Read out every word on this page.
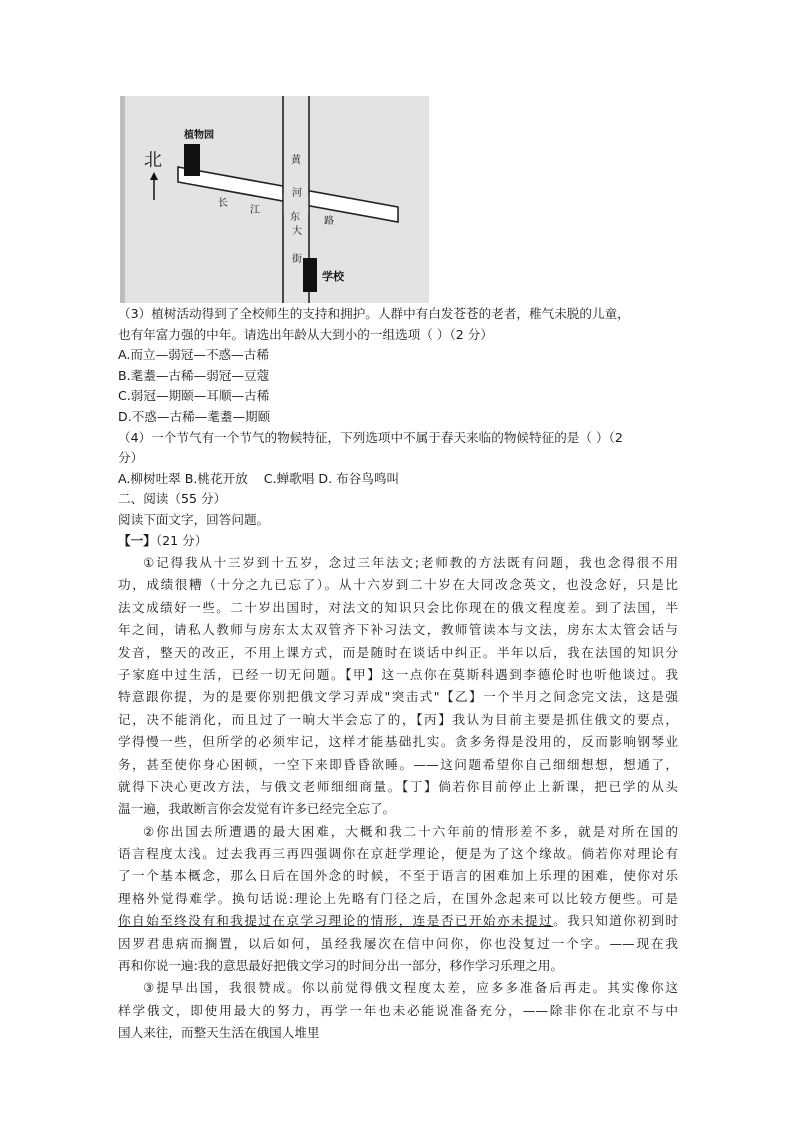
北
植物园
学校
长
江
东 路
黄
河
大
街
（3）植树活动得到了全校师生的支持和拥护。人群中有白发苍苍的老者，稚气未脱的儿童，
也有年富力强的中年。请选出年龄从大到小的一组选项（ ）（2 分）
A.而立—弱冠—不惑—古稀
B.耄耋—古稀—弱冠—豆蔻
C.弱冠—期颐—耳顺—古稀
D.不惑—古稀—耄耋—期颐
（4）一个节气有一个节气的物候特征，下列选项中不属于春天来临的物候特征的是（ ）（2
分）
A.柳树吐翠 B.桃花开放    C.蝉歌唱 D. 布谷鸟鸣叫
二、阅读（55 分）
阅读下面文字，回答问题。
【一】（21 分）
①记得我从十三岁到十五岁，念过三年法文;老师教的方法既有问题，我也念得很不用
功，成绩很糟（十分之九已忘了）。从十六岁到二十岁在大同改念英文，也没念好，只是比
法文成绩好一些。二十岁出国时，对法文的知识只会比你现在的俄文程度差。到了法国，半
年之间，请私人教师与房东太太双管齐下补习法文，教师管读本与文法，房东太太管会话与
发音，整天的改正，不用上课方式，而是随时在谈话中纠正。半年以后，我在法国的知识分
子家庭中过生活，已经一切无问题。【甲】这一点你在莫斯科遇到李德伦时也听他谈过。我
特意跟你提，为的是要你别把俄文学习弄成"突击式"【乙】一个半月之间念完文法，这是强
记，决不能消化，而且过了一晌大半会忘了的，【丙】我认为目前主要是抓住俄文的要点，
学得慢一些，但所学的必须牢记，这样才能基础扎实。贪多务得是没用的，反而影响钢琴业
务，甚至使你身心困顿，一空下来即昏昏欲睡。——这问题希望你自己细细想想，想通了，
就得下决心更改方法，与俄文老师细细商量。【丁】倘若你目前停止上新课，把已学的从头
温一遍，我敢断言你会发觉有许多已经完全忘了。
②你出国去所遭遇的最大困难，大概和我二十六年前的情形差不多，就是对所在国的
语言程度太浅。过去我再三再四强调你在京赶学理论，便是为了这个缘故。倘若你对理论有
了一个基本概念，那么日后在国外念的时候，不至于语言的困难加上乐理的困难，使你对乐
理格外觉得难学。换句话说:理论上先略有门径之后，在国外念起来可以比较方便些。可是
你自始至终没有和我提过在京学习理论的情形，连是否已开始亦未提过。我只知道你初到时
因罗君患病而搁置，以后如何，虽经我屡次在信中问你，你也没复过一个字。——现在我
再和你说一遍:我的意思最好把俄文学习的时间分出一部分，移作学习乐理之用。
③提早出国，我很赞成。你以前觉得俄文程度太差，应多多准备后再走。其实像你这
样学俄文，即使用最大的努力，再学一年也未必能说准备充分，——除非你在北京不与中
国人来往，而整天生活在俄国人堆里
